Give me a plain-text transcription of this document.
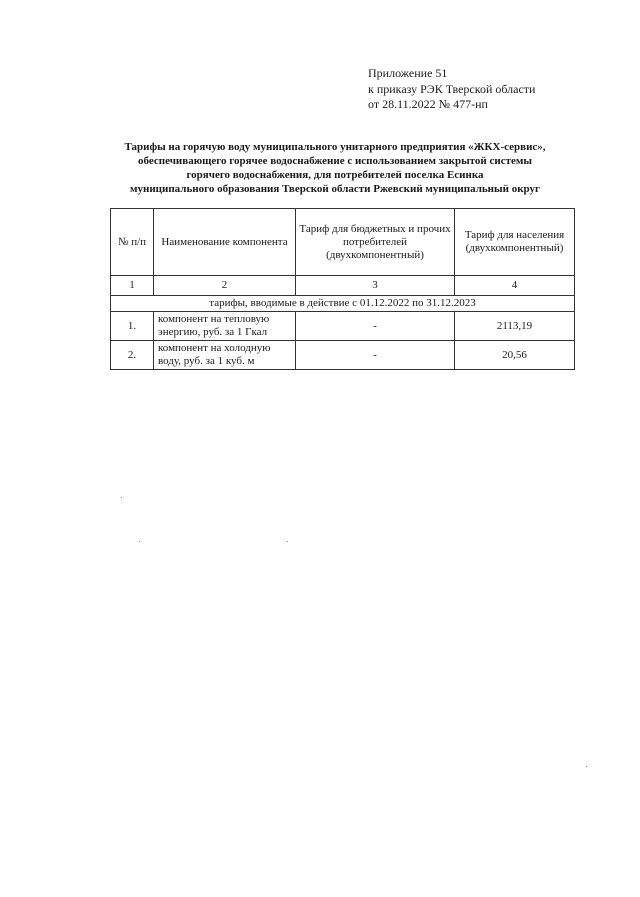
Приложение 51
к приказу РЭК Тверской области
от 28.11.2022 № 477-нп
Тарифы на горячую воду муниципального унитарного предприятия «ЖКХ-сервис»,
обеспечивающего горячее водоснабжение с использованием закрытой системы
горячего водоснабжения, для потребителей поселка Есинка
муниципального образования Тверской области Ржевский муниципальный округ
№ п/п	Наименование компонента	Тариф для бюджетных и прочих потребителей (двухкомпонентный)	Тариф для населения (двухкомпонентный)
1	2	3	4
тарифы, вводимые в действие с 01.12.2022 по 31.12.2023			
1.	компонент на тепловую энергию, руб. за 1 Гкал	-	2113,19
2.	компонент на холодную воду, руб. за 1 куб. м	-	20,56
